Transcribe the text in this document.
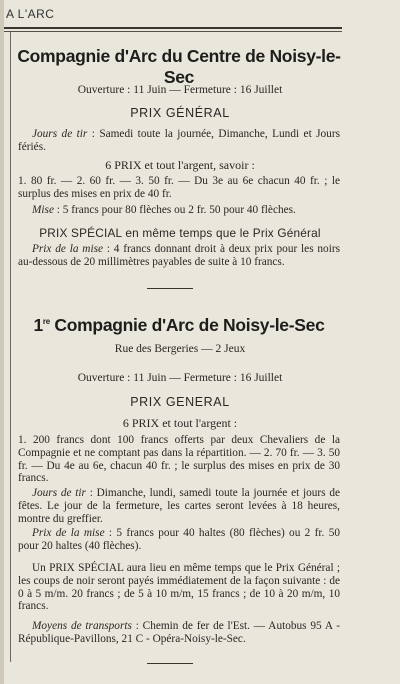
A L'ARC
Compagnie d'Arc du Centre de Noisy-le-Sec
Ouverture : 11 Juin — Fermeture : 16 Juillet
PRIX GÉNÉRAL
Jours de tir : Samedi toute la journée, Dimanche, Lundi et Jours fériés.
6 PRIX et tout l'argent, savoir :
1. 80 fr. — 2. 60 fr. — 3. 50 fr. — Du 3e au 6e chacun 40 fr. ; le surplus des mises en prix de 40 fr.
Mise : 5 francs pour 80 flèches ou 2 fr. 50 pour 40 flèches.
PRIX SPÉCIAL en même temps que le Prix Général
Prix de la mise : 4 francs donnant droit à deux prix pour les noirs au-dessous de 20 millimètres payables de suite à 10 francs.
1re Compagnie d'Arc de Noisy-le-Sec
Rue des Bergeries — 2 Jeux
Ouverture : 11 Juin — Fermeture : 16 Juillet
PRIX GENERAL
6 PRIX et tout l'argent :
1. 200 francs dont 100 francs offerts par deux Chevaliers de la Compagnie et ne comptant pas dans la répartition. — 2. 70 fr. — 3. 50 fr. — Du 4e au 6e, chacun 40 fr. ; le surplus des mises en prix de 30 francs.
Jours de tir : Dimanche, lundi, samedi toute la journée et jours de fêtes. Le jour de la fermeture, les cartes seront levées à 18 heures, montre du greffier.
Prix de la mise : 5 francs pour 40 haltes (80 flèches) ou 2 fr. 50 pour 20 haltes (40 flèches).
Un PRIX SPÉCIAL aura lieu en même temps que le Prix Général ; les coups de noir seront payés immédiatement de la façon suivante : de 0 à 5 m/m. 20 francs ; de 5 à 10 m/m, 15 francs ; de 10 à 20 m/m, 10 francs.
Moyens de transports : Chemin de fer de l'Est. — Autobus 95 A - République-Pavillons, 21 C - Opéra-Noisy-le-Sec.
